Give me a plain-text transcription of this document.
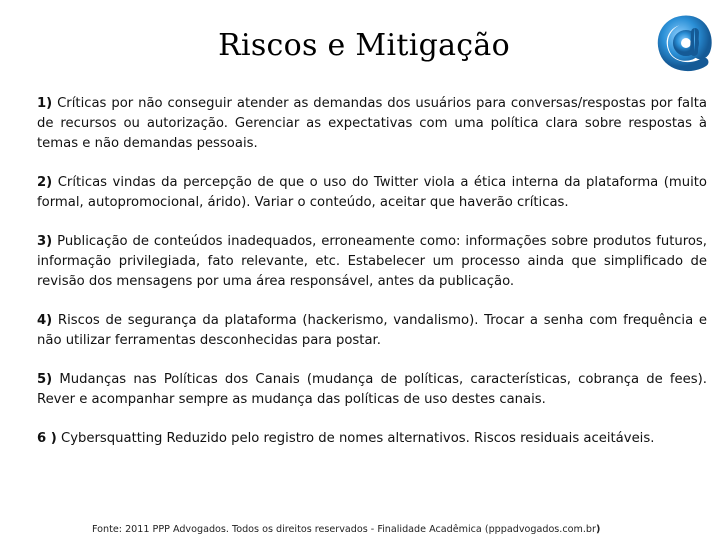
Riscos e Mitigação

1) Críticas por não conseguir atender as demandas dos usuários para conversas/respostas por falta de recursos ou autorização. Gerenciar as expectativas com uma política clara sobre respostas à temas e não demandas pessoais.

2) Críticas vindas da percepção de que o uso do Twitter viola a ética interna da plataforma (muito formal, autopromocional, árido). Variar o conteúdo, aceitar que haverão críticas.

3) Publicação de conteúdos inadequados, erroneamente como: informações sobre produtos futuros, informação privilegiada, fato relevante, etc. Estabelecer um processo ainda que simplificado de revisão dos mensagens por uma área responsável, antes da publicação.

4) Riscos de segurança da plataforma (hackerismo, vandalismo). Trocar a senha com frequência e não utilizar ferramentas desconhecidas para postar.

5) Mudanças nas Políticas dos Canais (mudança de políticas, características, cobrança de fees). Rever e acompanhar sempre as mudança das políticas de uso destes canais.

6 ) Cybersquatting Reduzido pelo registro de nomes alternativos. Riscos residuais aceitáveis.

Fonte: 2011 PPP Advogados. Todos os direitos reservados - Finalidade Acadêmica (pppadvogados.com.br)
